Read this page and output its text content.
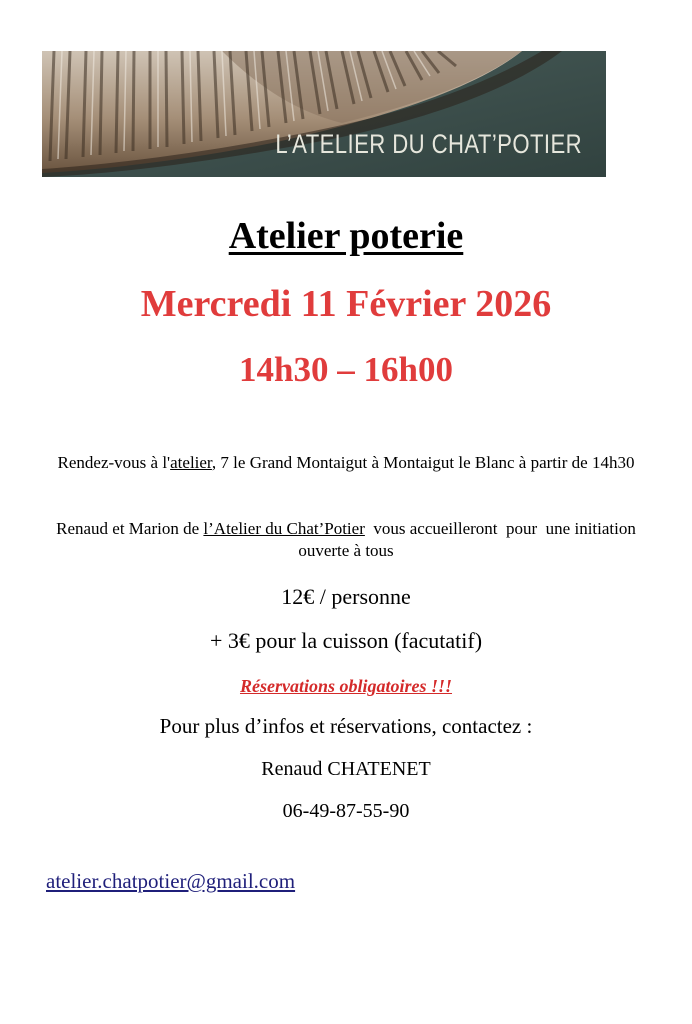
L’ATELIER DU CHAT’POTIER
Atelier poterie
Mercredi 11 Février 2026
14h30 – 16h00

Rendez-vous à l'atelier, 7 le Grand Montaigut à Montaigut le Blanc à partir de 14h30

Renaud et Marion de l’Atelier du Chat’Potier  vous accueilleront  pour  une initiation ouverte à tous

12€ / personne

+ 3€ pour la cuisson (facutatif)

Réservations obligatoires !!!

Pour plus d’infos et réservations, contactez :

Renaud CHATENET

06-49-87-55-90

atelier.chatpotier@gmail.com
